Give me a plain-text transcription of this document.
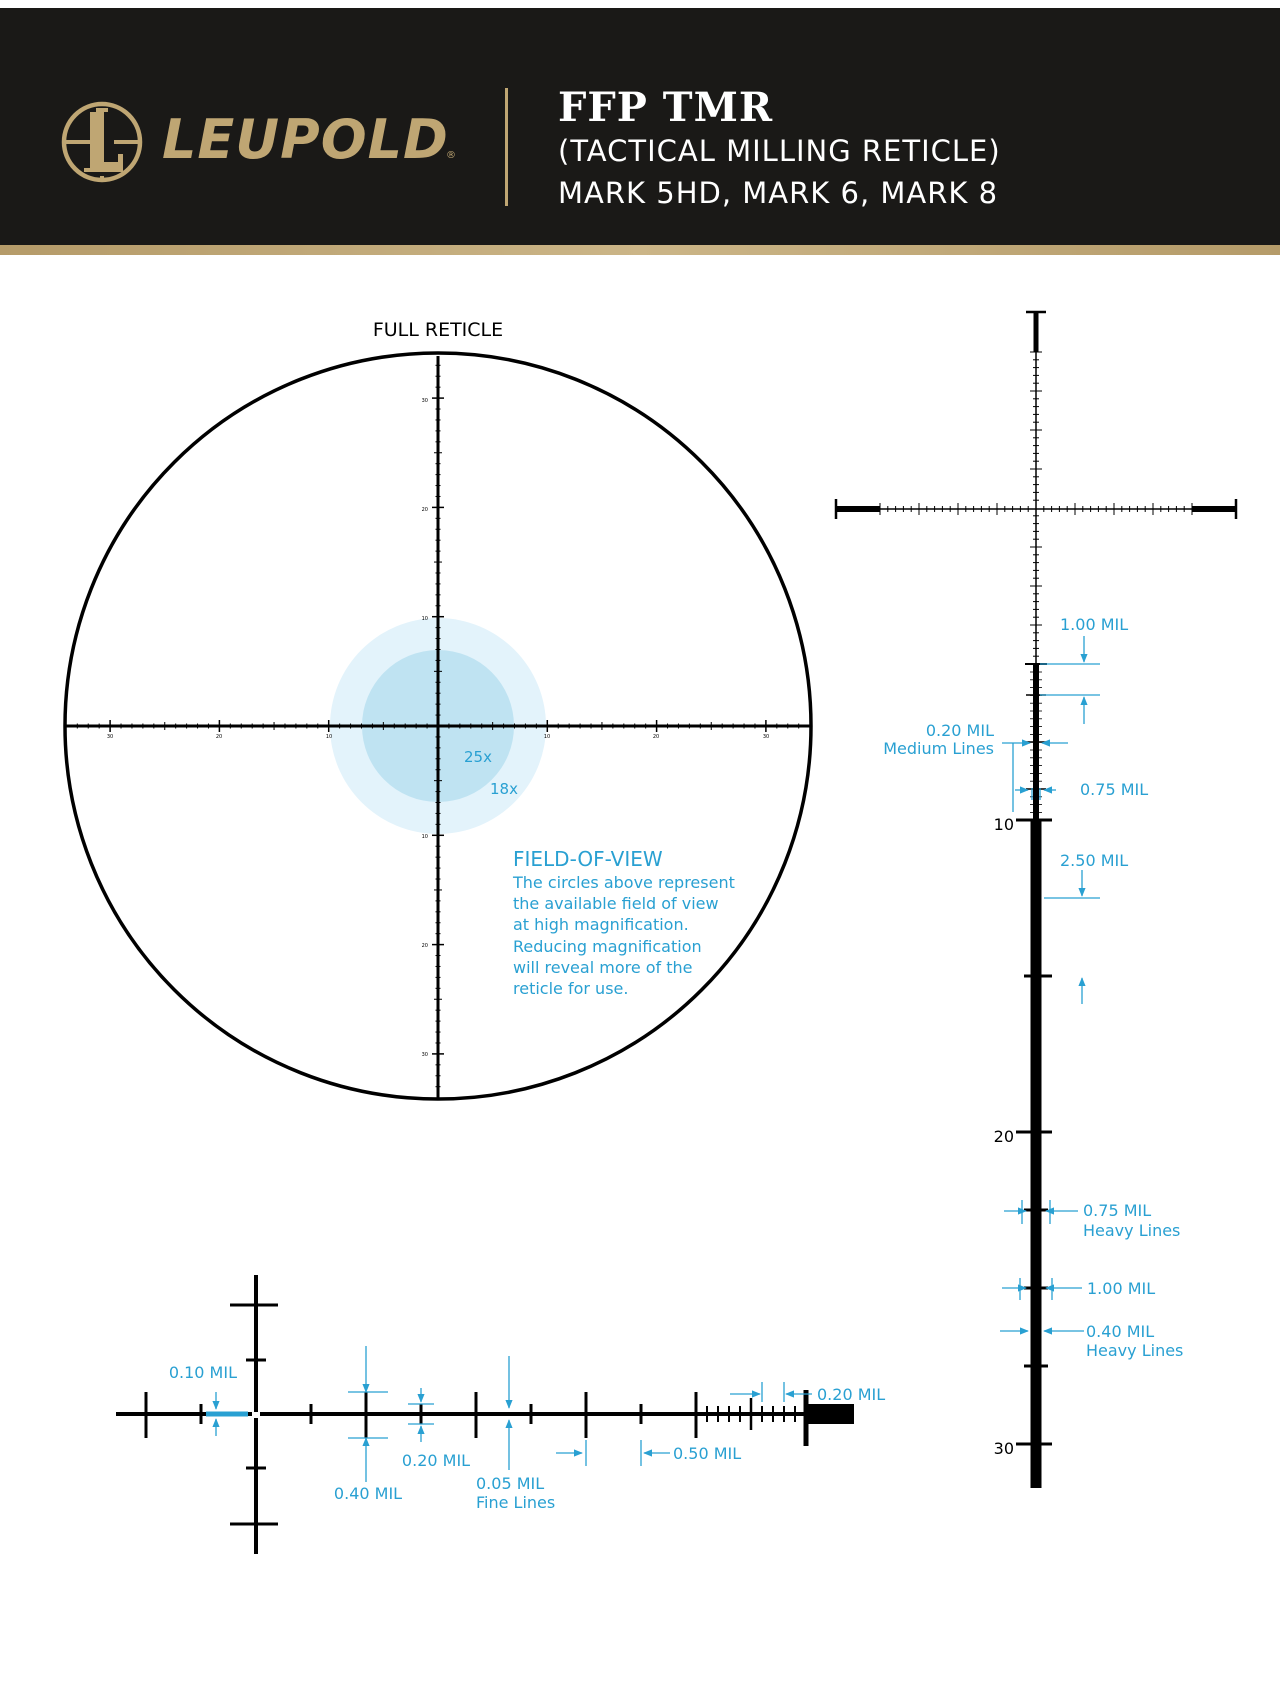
LEUPOLD
®
FFP TMR
(TACTICAL MILLING RETICLE)
MARK 5HD, MARK 6, MARK 8
FULL RETICLE
30	20	10	10	20	30
30
20
10
10
20
30
25x
18x
FIELD-OF-VIEW
The circles above represent
the available field of view
at high magnification.
Reducing magnification
will reveal more of the
reticle for use.
10
20
30
1.00 MIL
0.20 MIL
Medium Lines
0.75 MIL
2.50 MIL
0.75 MIL
Heavy Lines
1.00 MIL
0.40 MIL
Heavy Lines
0.10 MIL
0.40 MIL
0.20 MIL
0.05 MIL
Fine Lines
0.50 MIL
0.20 MIL
